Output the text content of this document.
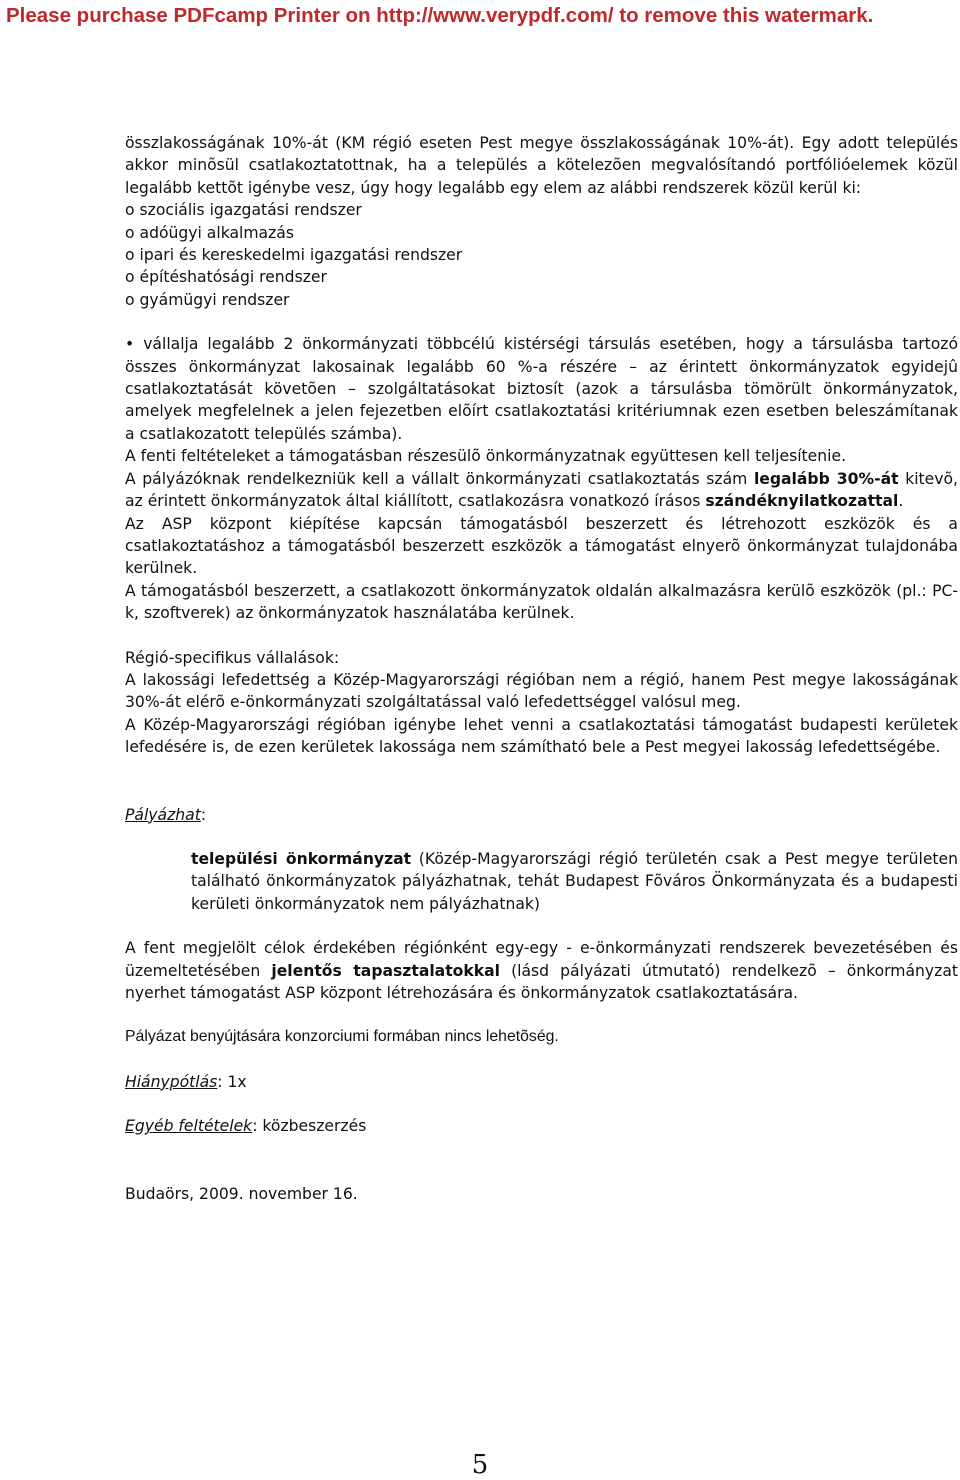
Please purchase PDFcamp Printer on http://www.verypdf.com/ to remove this watermark.

összlakosságának 10%-át (KM régió eseten Pest megye összlakosságának 10%-át). Egy adott település akkor minõsül csatlakoztatottnak, ha a település a kötelezõen megvalósítandó portfólióelemek közül legalább kettõt igénybe vesz, úgy hogy legalább egy elem az alábbi rendszerek közül kerül ki:

o szociális igazgatási rendszer
o adóügyi alkalmazás
o ipari és kereskedelmi igazgatási rendszer
o építéshatósági rendszer
o gyámügyi rendszer

• vállalja legalább 2 önkormányzati többcélú kistérségi társulás esetében, hogy a társulásba tartozó összes önkormányzat lakosainak legalább 60 %-a részére – az érintett önkormányzatok egyidejû csatlakoztatását követõen – szolgáltatásokat biztosít (azok a társulásba tömörült önkormányzatok, amelyek megfelelnek a jelen fejezetben elõírt csatlakoztatási kritériumnak ezen esetben beleszámítanak a csatlakozatott település számba).

A fenti feltételeket a támogatásban részesülõ önkormányzatnak együttesen kell teljesítenie.

A pályázóknak rendelkezniük kell a vállalt önkormányzati csatlakoztatás szám legalább 30%-át kitevõ, az érintett önkormányzatok által kiállított, csatlakozásra vonatkozó írásos szándéknyilatkozattal.

Az ASP központ kiépítése kapcsán támogatásból beszerzett és létrehozott eszközök és a csatlakoztatáshoz a támogatásból beszerzett eszközök a támogatást elnyerõ önkormányzat tulajdonába kerülnek.

A támogatásból beszerzett, a csatlakozott önkormányzatok oldalán alkalmazásra kerülõ eszközök (pl.: PC-k, szoftverek) az önkormányzatok használatába kerülnek.

Régió-specifikus vállalások:

A lakossági lefedettség a Közép-Magyarországi régióban nem a régió, hanem Pest megye lakosságának 30%-át elérõ e-önkormányzati szolgáltatással való lefedettséggel valósul meg.

A Közép-Magyarországi régióban igénybe lehet venni a csatlakoztatási támogatást budapesti kerületek lefedésére is, de ezen kerületek lakossága nem számítható bele a Pest megyei lakosság lefedettségébe.

Pályázhat:

települési önkormányzat (Közép-Magyarországi régió területén csak a Pest megye területen található önkormányzatok pályázhatnak, tehát Budapest Fõváros Önkormányzata és a budapesti kerületi önkormányzatok nem pályázhatnak)

A fent megjelölt célok érdekében régiónként egy-egy - e-önkormányzati rendszerek bevezetésében és üzemeltetésében jelentős tapasztalatokkal (lásd pályázati útmutató) rendelkezõ – önkormányzat nyerhet támogatást ASP központ létrehozására és önkormányzatok csatlakoztatására.

Pályázat benyújtására konzorciumi formában nincs lehetõség.

Hiánypótlás: 1x

Egyéb feltételek: közbeszerzés

Budaörs, 2009. november 16.

5
